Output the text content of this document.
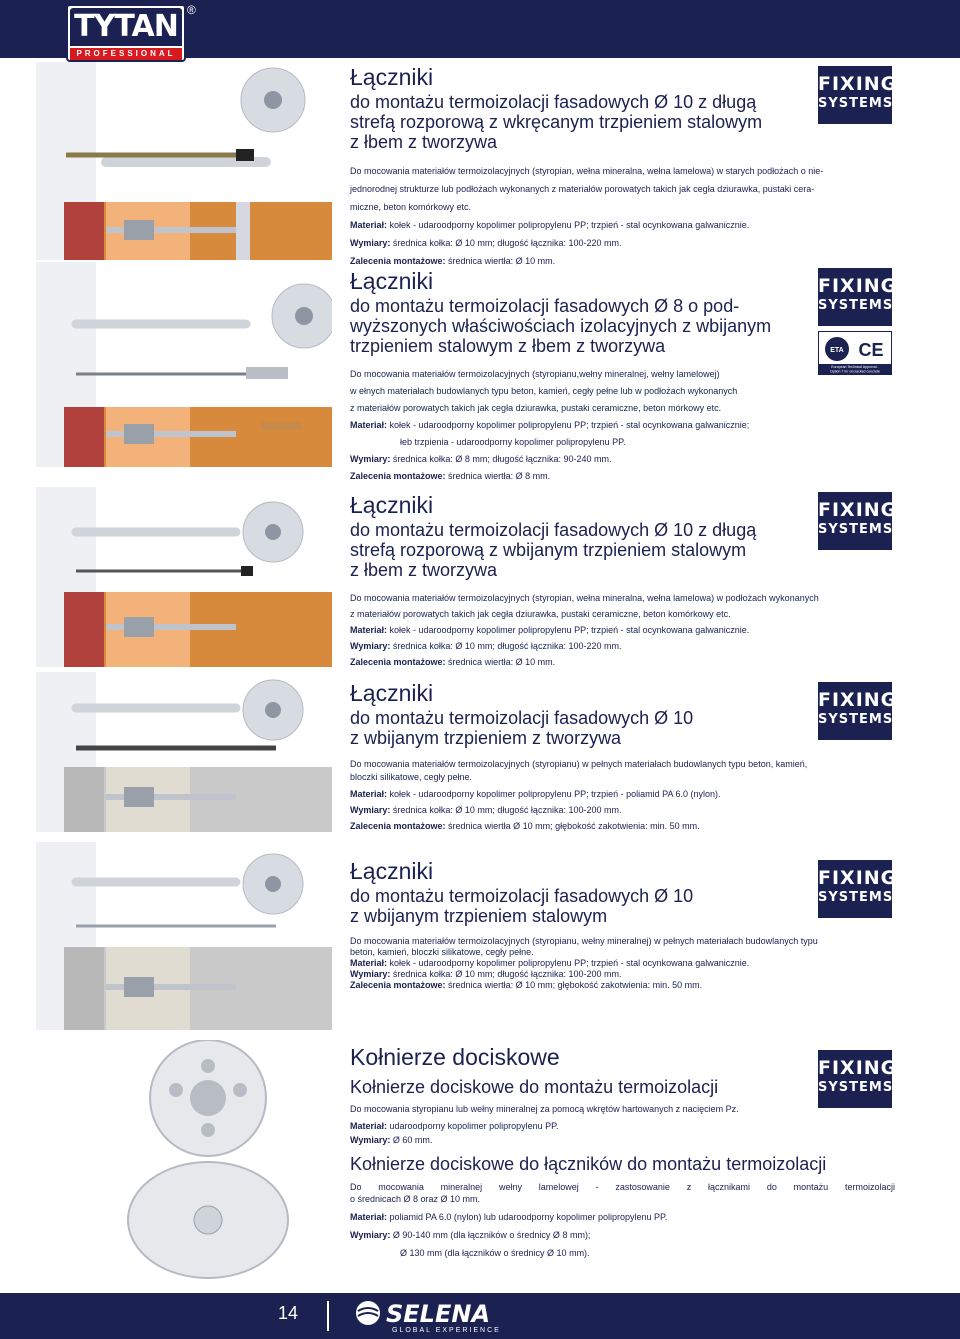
TYTAN
PROFESSIONAL
®
Łączniki
do montażu termoizolacji fasadowych Ø 10 z długą
strefą rozporową z wkręcanym trzpieniem stalowym
z łbem z tworzywa

Do mocowania materiałów termoizolacyjnych (styropian, wełna mineralna, wełna lamelowa) w starych podłożach o nie-

jednorodnej strukturze lub podłożach wykonanych z materiałów porowatych takich jak cegła dziurawka, pustaki cera-

miczne, beton komórkowy etc.

Materiał: kołek - udaroodporny kopolimer polipropylenu PP; trzpień - stal ocynkowana galwanicznie.

Wymiary: średnica kołka: Ø 10 mm; długość łącznika: 100-220 mm.

Zalecenia montażowe: średnica wiertła: Ø 10 mm.

FIXING
SYSTEMS
Łączniki
do montażu termoizolacji fasadowych Ø 8 o pod-
wyższonych właściwościach izolacyjnych z wbijanym
trzpieniem stalowym z łbem z tworzywa

Do mocowania materiałów termoizolacyjnych (styropianu,wełny mineralnej, wełny lamelowej)

w ełnych materiałach budowlanych typu beton, kamień, cegły pełne lub w podłożach wykonanych

z materiałów porowatych takich jak cegła dziurawka, pustaki ceramiczne, beton mórkowy etc.

Materiał: kołek - udaroodporny kopolimer polipropylenu PP; trzpień - stal ocynkowana galwanicznie;

łeb trzpienia - udaroodporny kopolimer polipropylenu PP.

Wymiary: średnica kołka: Ø 8 mm; długość łącznika: 90-240 mm.

Zalecenia montażowe: średnica wiertła: Ø 8 mm.

FIXING
SYSTEMS
ETA CE
European Technical Approval -
Option 7 for uncracked concrete
Łączniki
do montażu termoizolacji fasadowych Ø 10 z długą
strefą rozporową z wbijanym trzpieniem stalowym
z łbem z tworzywa

Do mocowania materiałów termoizolacyjnych (styropian, wełna mineralna, wełna lamelowa) w podłożach wykonanych

z materiałów porowatych takich jak cegła dziurawka, pustaki ceramiczne, beton komórkowy etc.

Materiał: kołek - udaroodporny kopolimer polipropylenu PP; trzpień - stal ocynkowana galwanicznie.

Wymiary: średnica kołka: Ø 10 mm; długość łącznika: 100-220 mm.

Zalecenia montażowe: średnica wiertła: Ø 10 mm.

FIXING
SYSTEMS
Łączniki
do montażu termoizolacji fasadowych Ø 10
z wbijanym trzpieniem z tworzywa

Do mocowania materiałów termoizolacyjnych (styropianu) w pełnych materiałach budowlanych typu beton, kamień,

bloczki silikatowe, cegły pełne.

Materiał: kołek - udaroodporny kopolimer polipropylenu PP; trzpień - poliamid PA 6.0 (nylon).

Wymiary: średnica kołka: Ø 10 mm; długość łącznika: 100-200 mm.

Zalecenia montażowe: średnica wiertła Ø 10 mm; głębokość zakotwienia: min. 50 mm.

FIXING
SYSTEMS
Łączniki
do montażu termoizolacji fasadowych Ø 10
z wbijanym trzpieniem stalowym

Do mocowania materiałów termoizolacyjnych (styropianu, wełny mineralnej) w pełnych materiałach budowlanych typu

beton, kamień, bloczki silikatowe, cegły pełne.

Materiał: kołek - udaroodporny kopolimer polipropylenu PP; trzpień - stal ocynkowana galwanicznie.

Wymiary: średnica kołka: Ø 10 mm; długość łącznika: 100-200 mm.

Zalecenia montażowe: średnica wiertła: Ø 10 mm; głębokość zakotwienia: min. 50 mm.

FIXING
SYSTEMS
Kołnierze dociskowe
Kołnierze dociskowe do montażu termoizolacji

Do mocowania styropianu lub wełny mineralnej za pomocą wkrętów hartowanych z nacięciem Pz.

Materiał: udaroodporny kopolimer polipropylenu PP.

Wymiary: Ø 60 mm.

Kołnierze dociskowe do łączników do montażu termoizolacji

Do mocowania mineralnej wełny lamelowej - zastosowanie z łącznikami do montażu termoizolacji

o średnicach Ø 8 oraz Ø 10 mm.

Materiał: poliamid PA 6.0 (nylon) lub udaroodporny kopolimer polipropylenu PP.

Wymiary: Ø 90-140 mm (dla łączników o średnicy Ø 8 mm);

Ø 130 mm (dla łączników o średnicy Ø 10 mm).

FIXING
SYSTEMS
14	SELENA
GLOBAL EXPERIENCE
